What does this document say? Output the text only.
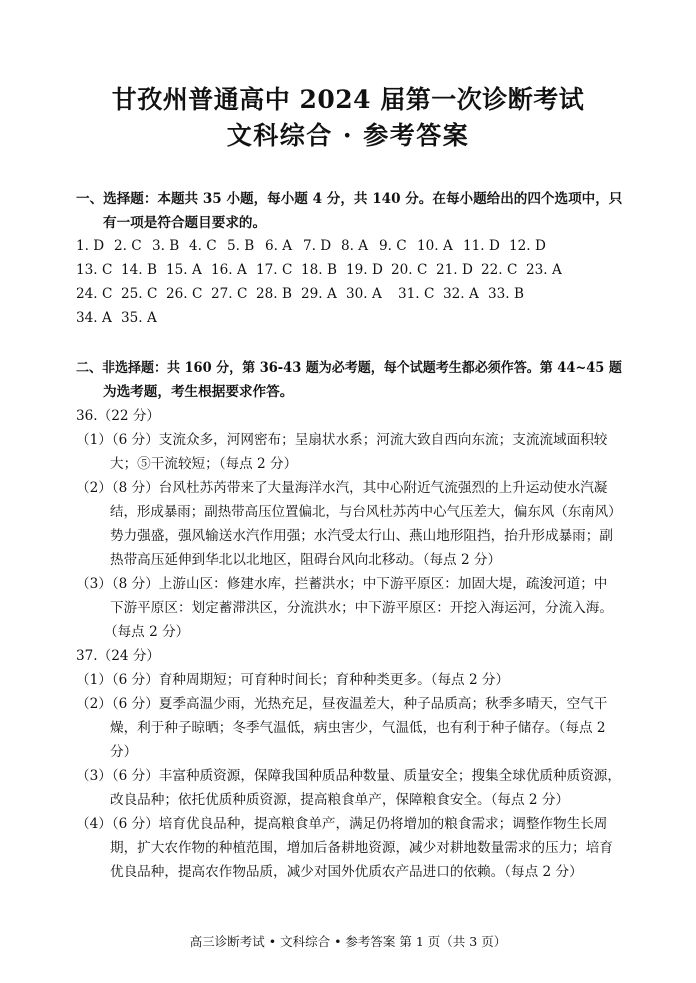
甘孜州普通高中 2024 届第一次诊断考试
文科综合 · 参考答案
一、选择题：本题共 35 小题，每小题 4 分，共 140 分。在每小题给出的四个选项中，只
有一项是符合题目要求的。
1. D 2. C 3. B 4. C 5. B 6. A 7. D 8. A 9. C 10. A 11. D 12. D
13. C 14. B 15. A 16. A 17. C 18. B 19. D 20. C 21. D 22. C 23. A
24. C 25. C 26. C 27. C 28. B 29. A 30. A 31. C 32. A 33. B
34. A 35. A
二、非选择题：共 160 分，第 36-43 题为必考题，每个试题考生都必须作答。第 44~45 题
为选考题，考生根据要求作答。
36.（22 分）
（1）（6 分）支流众多，河网密布；呈扇状水系；河流大致自西向东流；支流流域面积较
大；⑤干流较短；（每点 2 分）
（2）（8 分）台风杜苏芮带来了大量海洋水汽，其中心附近气流强烈的上升运动使水汽凝
结，形成暴雨；副热带高压位置偏北，与台风杜苏芮中心气压差大，偏东风（东南风）
势力强盛，强风输送水汽作用强；水汽受太行山、燕山地形阻挡，抬升形成暴雨；副
热带高压延伸到华北以北地区，阻碍台风向北移动。（每点 2 分）
（3）（8 分）上游山区：修建水库，拦蓄洪水；中下游平原区：加固大堤，疏浚河道；中
下游平原区：划定蓄滞洪区，分流洪水；中下游平原区：开挖入海运河，分流入海。
（每点 2 分）
37.（24 分）
（1）（6 分）育种周期短；可育种时间长；育种种类更多。（每点 2 分）
（2）（6 分）夏季高温少雨，光热充足，昼夜温差大，种子品质高；秋季多晴天，空气干
燥，利于种子晾晒；冬季气温低，病虫害少，气温低，也有利于种子储存。（每点 2
分）
（3）（6 分）丰富种质资源，保障我国种质品种数量、质量安全；搜集全球优质种质资源，
改良品种；依托优质种质资源，提高粮食单产，保障粮食安全。（每点 2 分）
（4）（6 分）培育优良品种，提高粮食单产，满足仍将增加的粮食需求；调整作物生长周
期，扩大农作物的种植范围，增加后备耕地资源，减少对耕地数量需求的压力；培育
优良品种，提高农作物品质，减少对国外优质农产品进口的依赖。（每点 2 分）
高三诊断考试 • 文科综合 • 参考答案 第 1 页（共 3 页）
